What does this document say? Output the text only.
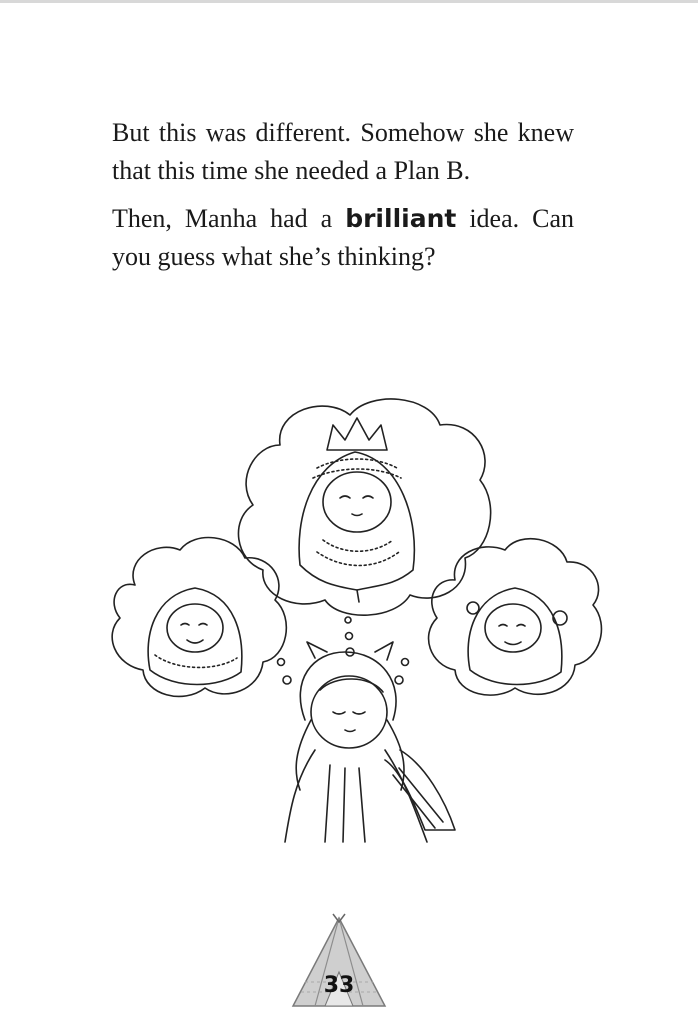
But this was different. Somehow she knew that this time she needed a Plan B.

Then, Manha had a brilliant idea. Can you guess what she’s thinking?

33
